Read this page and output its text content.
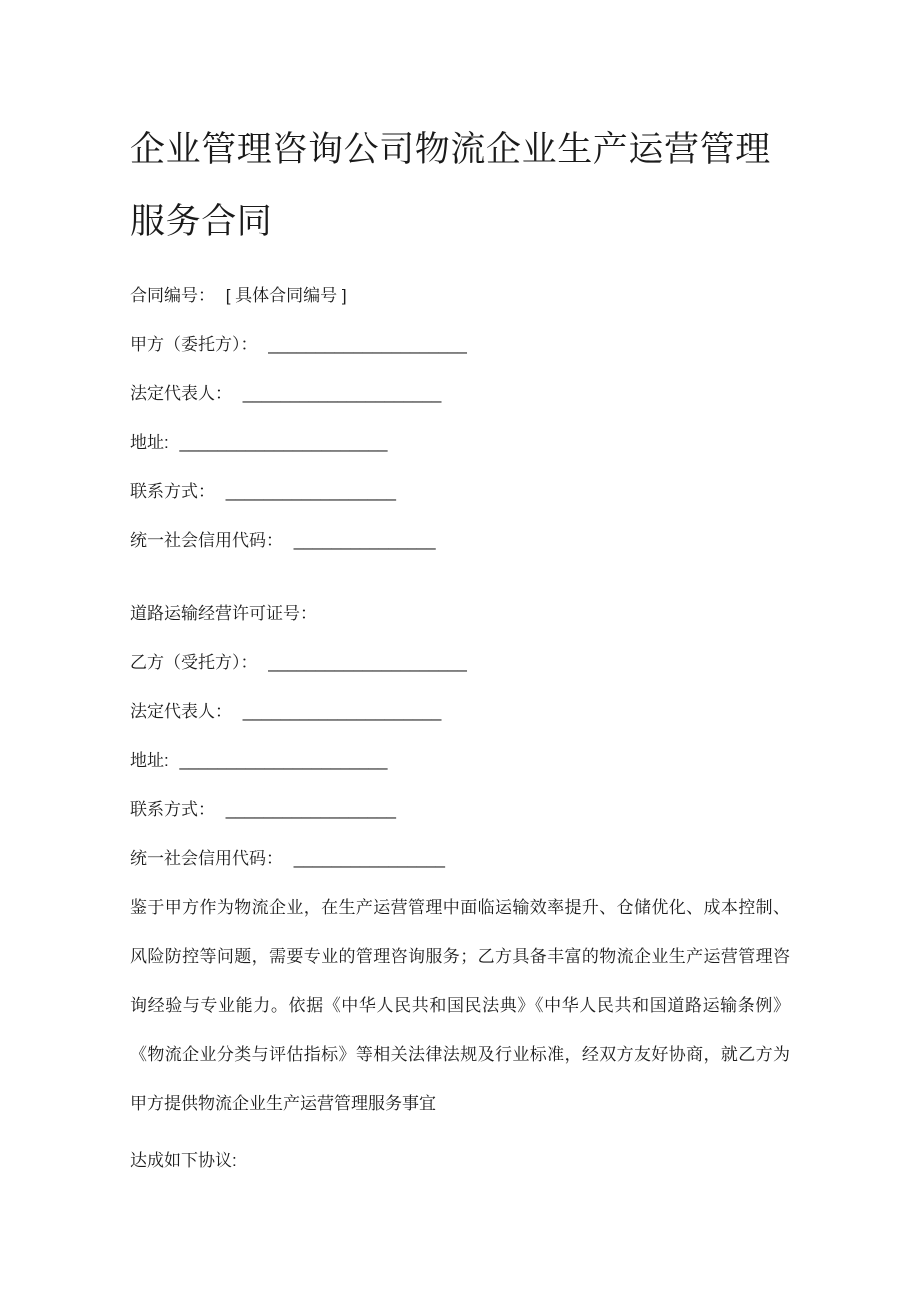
企业管理咨询公司物流企业生产运营管理
服务合同

合同编号： [ 具体合同编号 ]

甲方（委托方）： _____________________

法定代表人： _____________________

地址: ______________________

联系方式： __________________

统一社会信用代码： _______________

道路运输经营许可证号：

乙方（受托方）： _____________________

法定代表人： _____________________

地址: ______________________

联系方式： __________________

统一社会信用代码： ________________

鉴于甲方作为物流企业，在生产运营管理中面临运输效率提升、仓储优化、成本控制、风险防控等问题，需要专业的管理咨询服务；乙方具备丰富的物流企业生产运营管理咨询经验与专业能力。依据《中华人民共和国民法典》《中华人民共和国道路运输条例》《物流企业分类与评估指标》等相关法律法规及行业标准，经双方友好协商，就乙方为甲方提供物流企业生产运营管理服务事宜

达成如下协议:
